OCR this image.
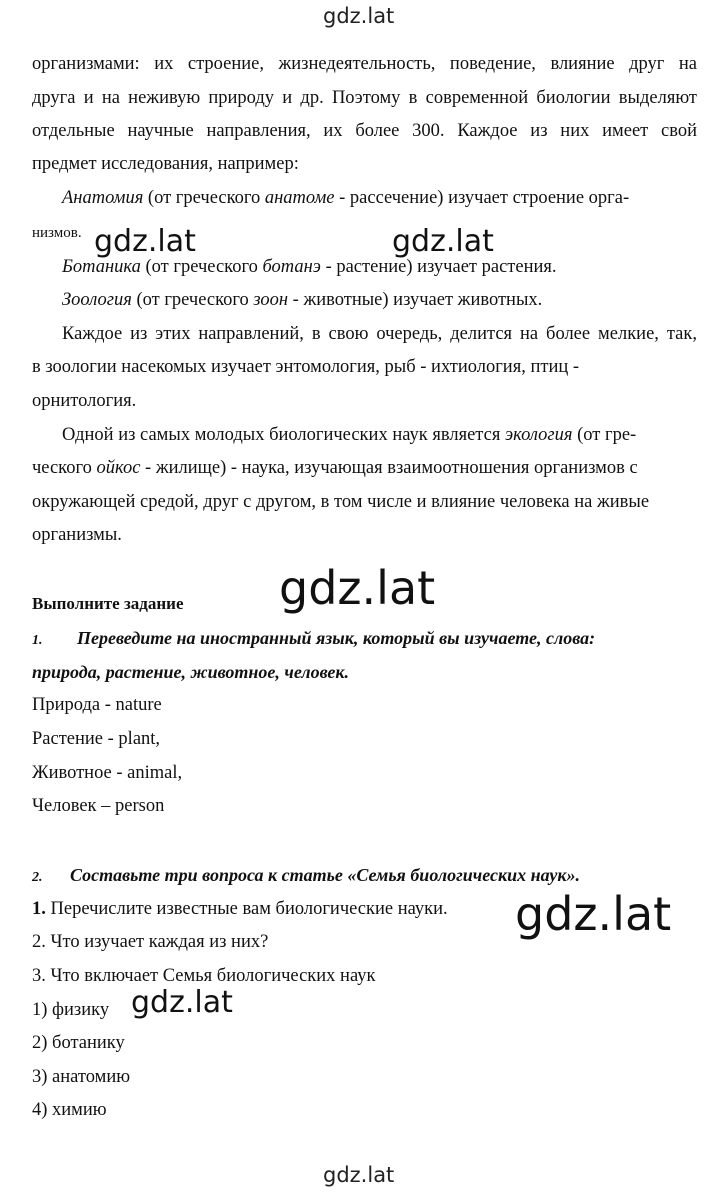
gdz.lat
gdz.lat	gdz.lat
gdz.lat
gdz.lat
gdz.lat
gdz.lat
организмами: их строение, жизнедеятельность, поведение, влияние друг на
друга и на неживую природу и др. Поэтому в современной биологии выделяют
отдельные научные направления, их более 300. Каждое из них имеет свой
предмет исследования, например:
Анатомия (от греческого анатоме - рассечение) изучает строение орга-
низмов.
Ботаника (от греческого ботанэ - растение) изучает растения.
Зоология (от греческого зоон - животные) изучает животных.
Каждое из этих направлений, в свою очередь, делится на более мелкие, так,
в зоологии насекомых изучает энтомология, рыб - ихтиология, птиц -
орнитология.
Одной из самых молодых биологических наук является экология (от гре-
ческого ойкос - жилище) - наука, изучающая взаимоотношения организмов с
окружающей средой, друг с другом, в том числе и влияние человека на живые
организмы.
Выполните задание
1. Переведите на иностранный язык, который вы изучаете, слова:
природа, растение, животное, человек.
Природа - nature
Растение - plant,
Животное - animal,
Человек – person
2. Составьте три вопроса к статье «Семья биологических наук».
1. Перечислите известные вам биологические науки.
2. Что изучает каждая из них?
3. Что включает Семья биологических наук
1) физику
2) ботанику
3) анатомию
4) химию
